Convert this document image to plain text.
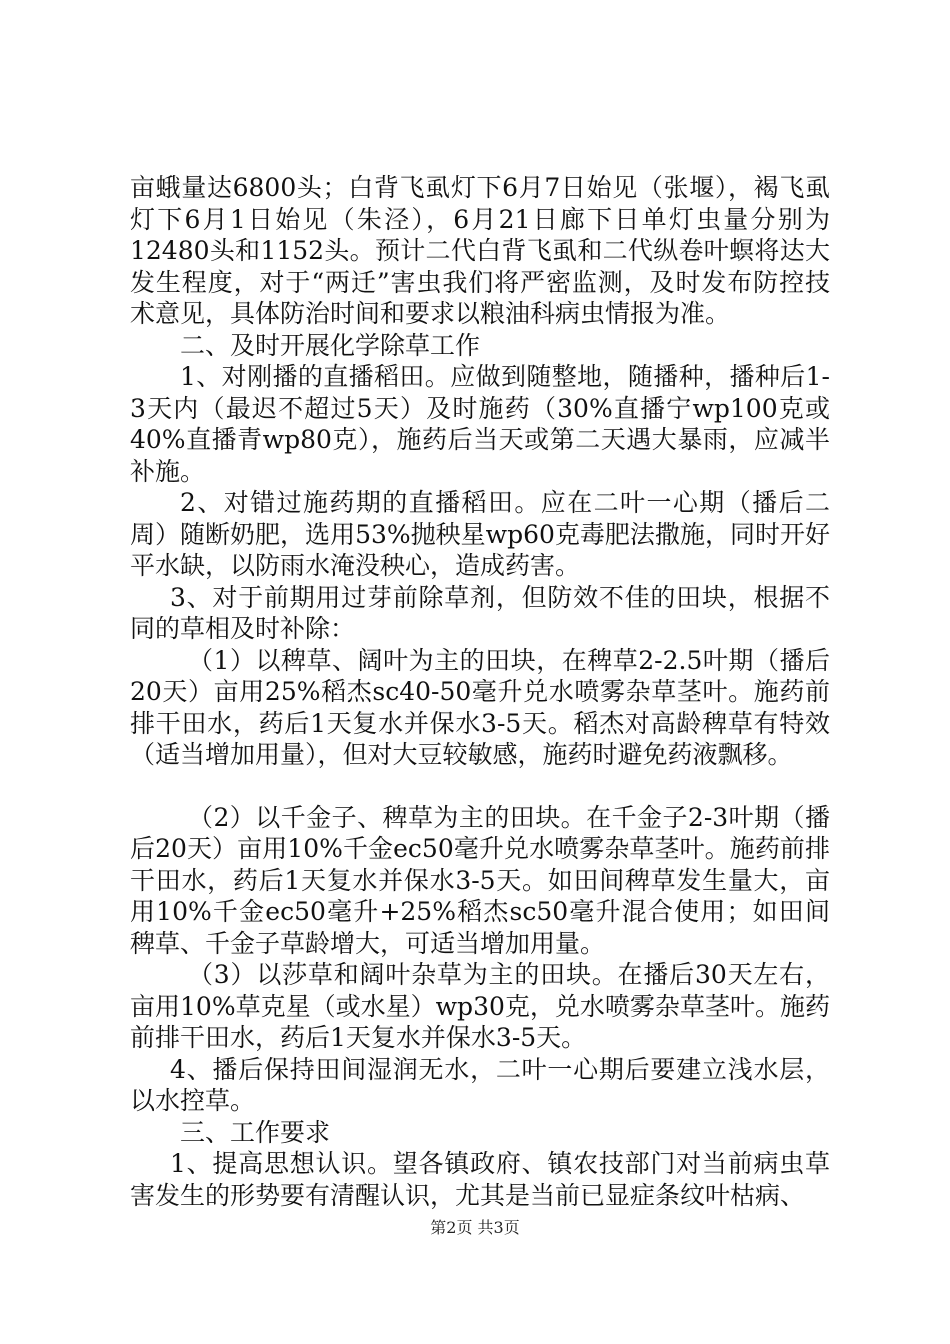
亩蛾量达6800头；白背飞虱灯下6月7日始见（张堰），褐飞虱灯下6月1日始见（朱泾），6月21日廊下日单灯虫量分别为12480头和1152头。预计二代白背飞虱和二代纵卷叶螟将达大发生程度，对于“两迁”害虫我们将严密监测，及时发布防控技术意见，具体防治时间和要求以粮油科病虫情报为准。

二、及时开展化学除草工作

1、对刚播的直播稻田。应做到随整地，随播种，播种后1-3天内（最迟不超过5天）及时施药（30%直播宁wp100克或40%直播青wp80克），施药后当天或第二天遇大暴雨，应减半补施。

2、对错过施药期的直播稻田。应在二叶一心期（播后二周）随断奶肥，选用53%抛秧星wp60克毒肥法撒施，同时开好平水缺，以防雨水淹没秧心，造成药害。

3、对于前期用过芽前除草剂，但防效不佳的田块，根据不同的草相及时补除：

（1）以稗草、阔叶为主的田块，在稗草2-2.5叶期（播后20天）亩用25%稻杰sc40-50毫升兑水喷雾杂草茎叶。施药前排干田水，药后1天复水并保水3-5天。稻杰对高龄稗草有特效（适当增加用量），但对大豆较敏感，施药时避免药液飘移。

（2）以千金子、稗草为主的田块。在千金子2-3叶期（播后20天）亩用10%千金ec50毫升兑水喷雾杂草茎叶。施药前排干田水，药后1天复水并保水3-5天。如田间稗草发生量大，亩用10%千金ec50毫升+25%稻杰sc50毫升混合使用；如田间稗草、千金子草龄增大，可适当增加用量。

（3）以莎草和阔叶杂草为主的田块。在播后30天左右，亩用10%草克星（或水星）wp30克，兑水喷雾杂草茎叶。施药前排干田水，药后1天复水并保水3-5天。

4、播后保持田间湿润无水，二叶一心期后要建立浅水层，以水控草。

三、工作要求

1、提高思想认识。望各镇政府、镇农技部门对当前病虫草害发生的形势要有清醒认识，尤其是当前已显症条纹叶枯病、

第2页 共3页
